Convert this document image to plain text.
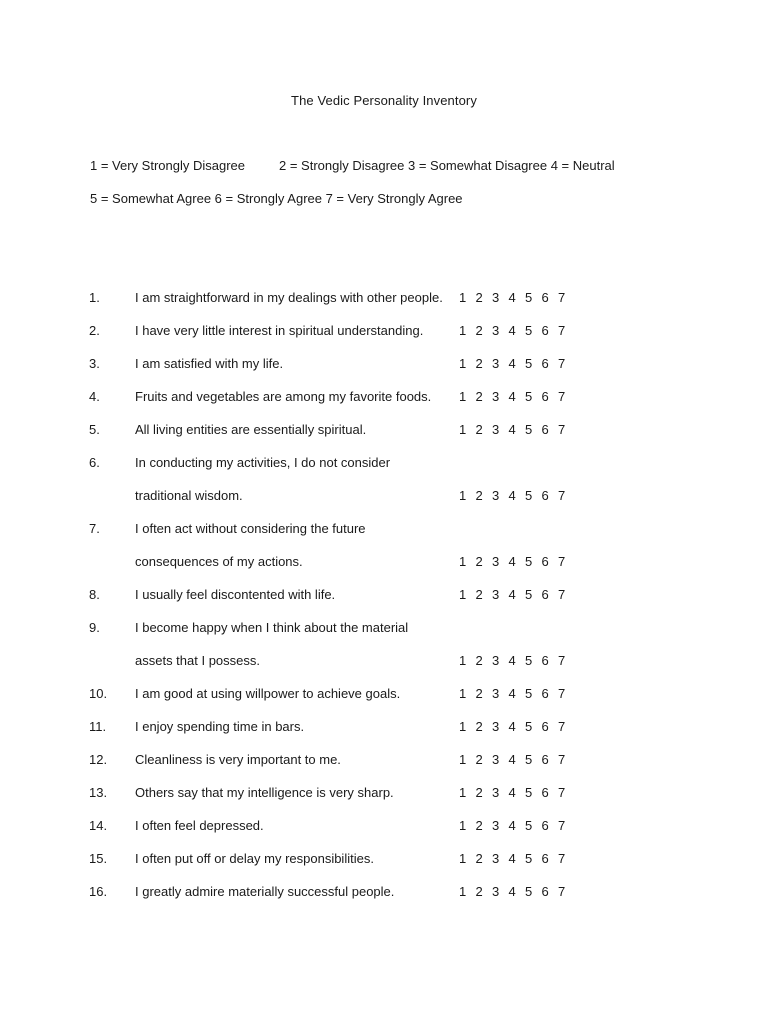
The Vedic Personality Inventory
1 = Very Strongly Disagree	2 = Strongly Disagree 3 = Somewhat Disagree 4 = Neutral
5 = Somewhat Agree 6 = Strongly Agree 7 = Very Strongly Agree
1.	I am straightforward in my dealings with other people. 1 2 3 4 5 6 7
2.	I have very little interest in spiritual understanding.	1 2 3 4 5 6 7
3.	I am satisfied with my life.	1 2 3 4 5 6 7
4.	Fruits and vegetables are among my favorite foods. 1 2 3 4 5 6 7
5.	All living entities are essentially spiritual.	1 2 3 4 5 6 7
6.	In conducting my activities, I do not consider
traditional wisdom.	1 2 3 4 5 6 7
7.	I often act without considering the future
consequences of my actions.	1 2 3 4 5 6 7
8.	I usually feel discontented with life.	1 2 3 4 5 6 7
9.	I become happy when I think about the material
assets that I possess.	1 2 3 4 5 6 7
10. I am good at using willpower to achieve goals.	1 2 3 4 5 6 7
11. I enjoy spending time in bars.	1 2 3 4 5 6 7
12. Cleanliness is very important to me.	1 2 3 4 5 6 7
13. Others say that my intelligence is very sharp.	1 2 3 4 5 6 7
14. I often feel depressed.	1 2 3 4 5 6 7
15. I often put off or delay my responsibilities.	1 2 3 4 5 6 7
16. I greatly admire materially successful people.	1 2 3 4 5 6 7
